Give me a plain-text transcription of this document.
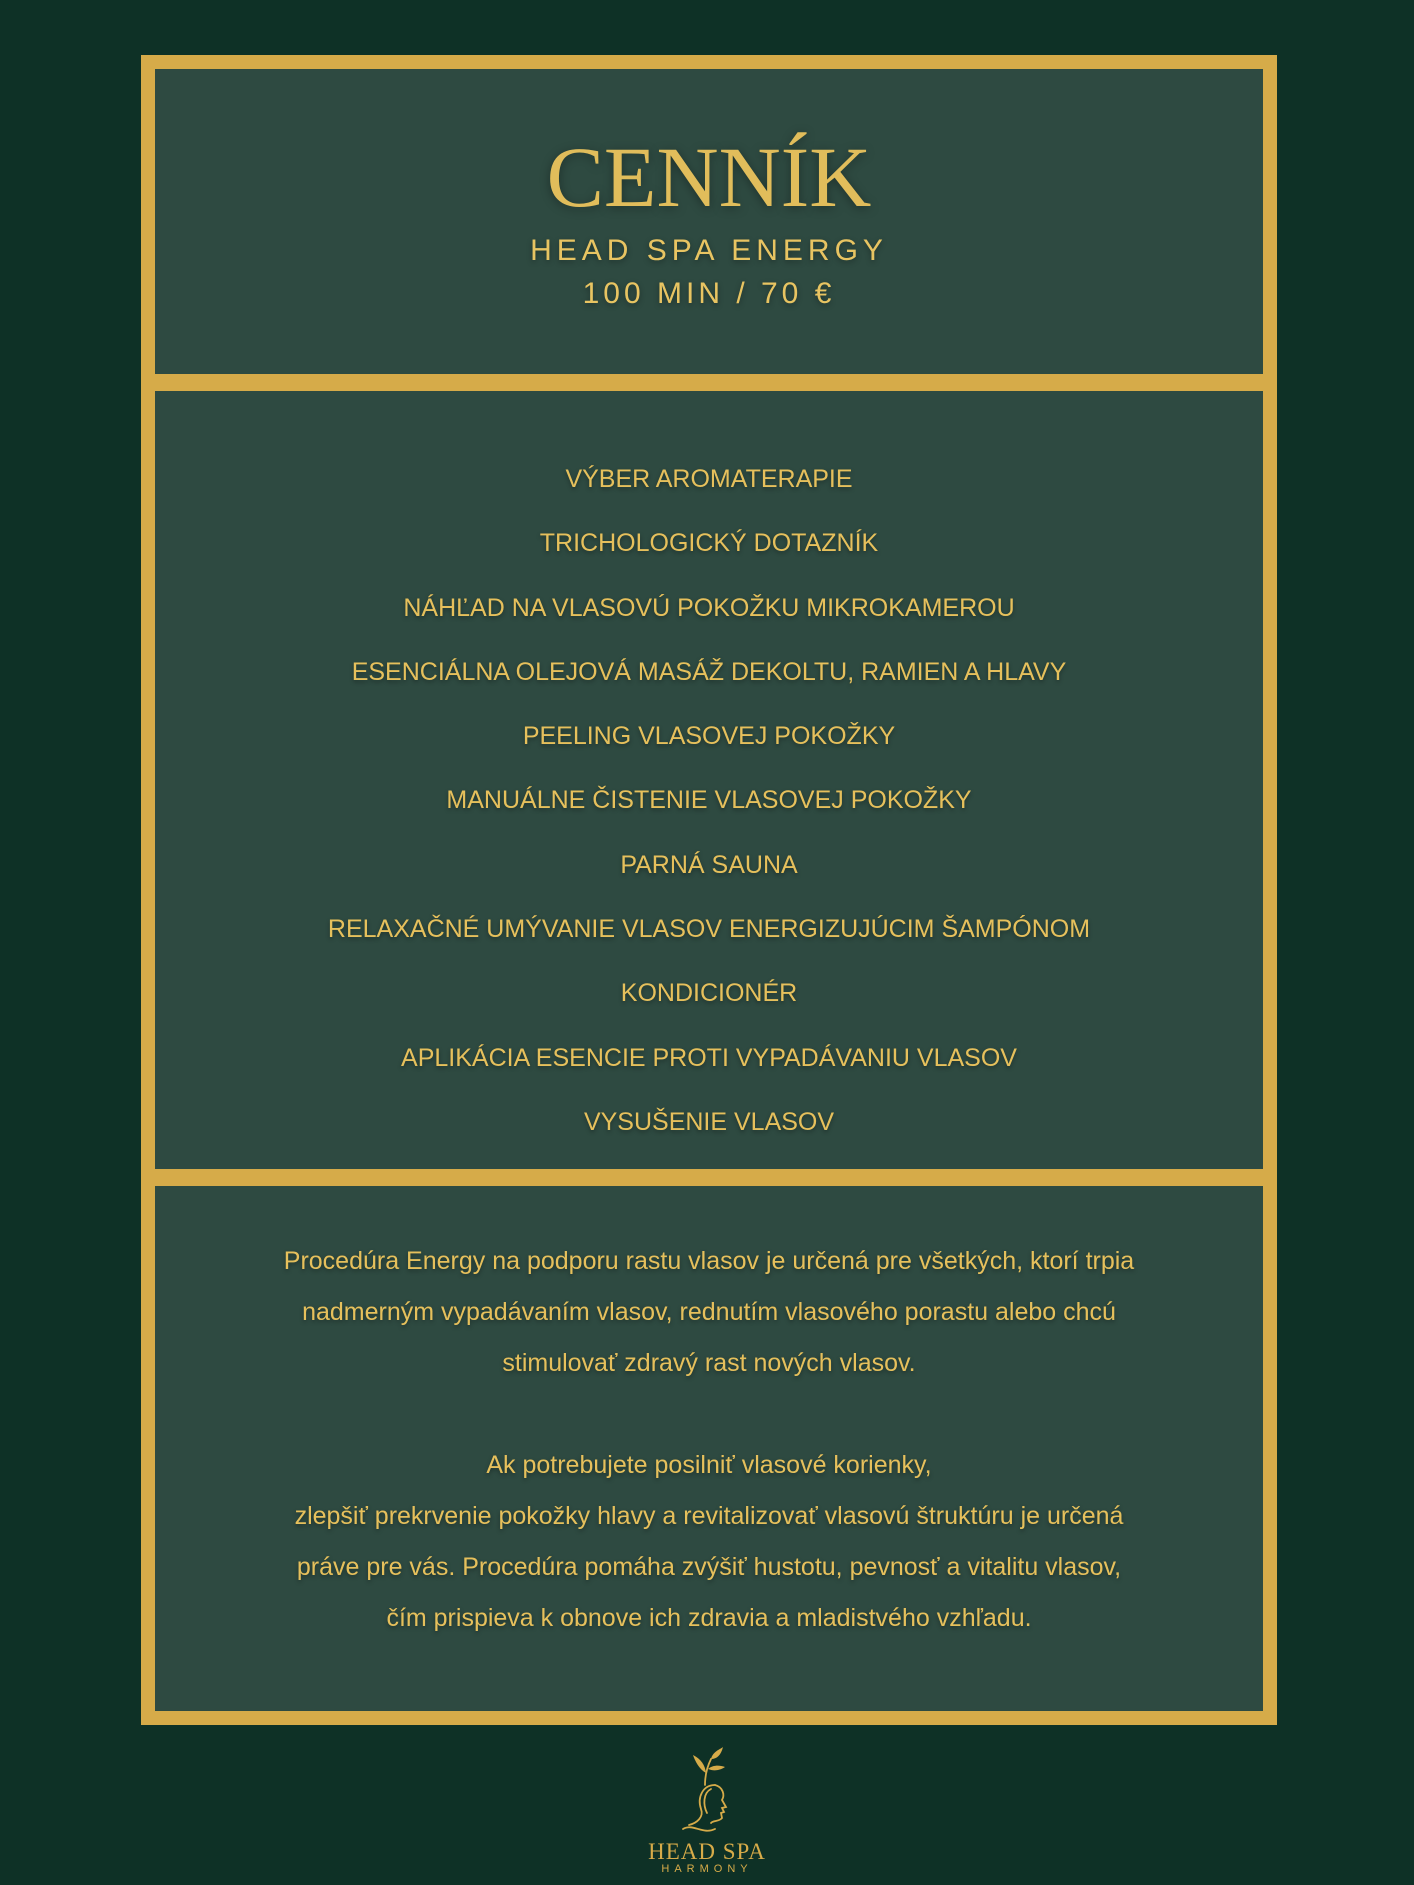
CENNÍK
HEAD SPA ENERGY
100 MIN / 70 €
VÝBER AROMATERAPIE
TRICHOLOGICKÝ DOTAZNÍK
NÁHĽAD NA VLASOVÚ POKOŽKU MIKROKAMEROU
ESENCIÁLNA OLEJOVÁ MASÁŽ DEKOLTU, RAMIEN A HLAVY
PEELING VLASOVEJ POKOŽKY
MANUÁLNE ČISTENIE VLASOVEJ POKOŽKY
PARNÁ SAUNA
RELAXAČNÉ UMÝVANIE VLASOV ENERGIZUJÚCIM ŠAMPÓNOM
KONDICIONÉR
APLIKÁCIA ESENCIE PROTI VYPADÁVANIU VLASOV
VYSUŠENIE VLASOV

Procedúra Energy na podporu rastu vlasov je určená pre všetkých, ktorí trpia
nadmerným vypadávaním vlasov, rednutím vlasového porastu alebo chcú
stimulovať zdravý rast nových vlasov.

Ak potrebujete posilniť vlasové korienky,
zlepšiť prekrvenie pokožky hlavy a revitalizovať vlasovú štruktúru je určená
práve pre vás. Procedúra pomáha zvýšiť hustotu, pevnosť a vitalitu vlasov,
čím prispieva k obnove ich zdravia a mladistvého vzhľadu.

HEAD SPA
HARMONY
